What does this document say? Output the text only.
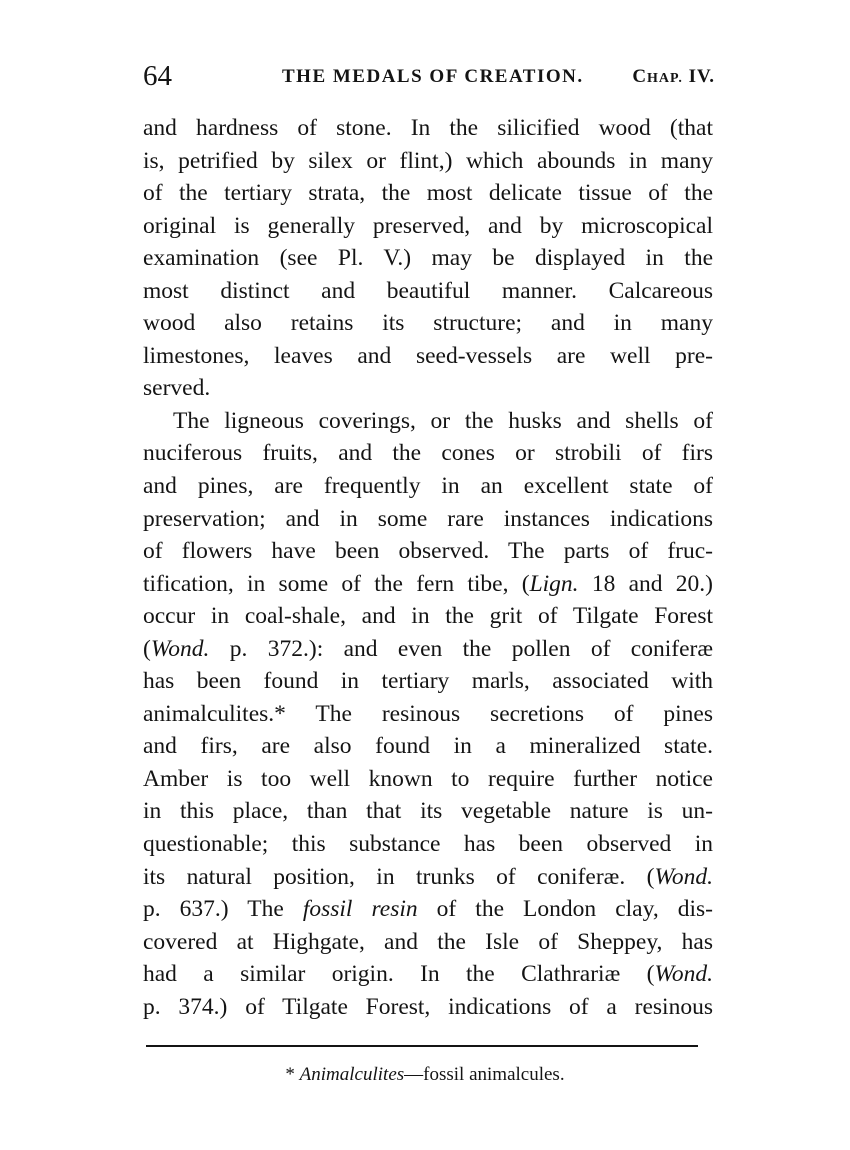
64	THE MEDALS OF CREATION.	CHAP. IV.
and hardness of stone. In the silicified wood (that
is, petrified by silex or flint,) which abounds in many
of the tertiary strata, the most delicate tissue of the
original is generally preserved, and by microscopical
examination (see Pl. V.) may be displayed in the
most distinct and beautiful manner. Calcareous
wood also retains its structure; and in many
limestones, leaves and seed-vessels are well pre-
served.
The ligneous coverings, or the husks and shells of
nuciferous fruits, and the cones or strobili of firs
and pines, are frequently in an excellent state of
preservation; and in some rare instances indications
of flowers have been observed. The parts of fruc-
tification, in some of the fern tibe, (Lign. 18 and 20.)
occur in coal-shale, and in the grit of Tilgate Forest
(Wond. p. 372.): and even the pollen of coniferæ
has been found in tertiary marls, associated with
animalculites.* The resinous secretions of pines
and firs, are also found in a mineralized state.
Amber is too well known to require further notice
in this place, than that its vegetable nature is un-
questionable; this substance has been observed in
its natural position, in trunks of coniferæ. (Wond.
p. 637.) The fossil resin of the London clay, dis-
covered at Highgate, and the Isle of Sheppey, has
had a similar origin. In the Clathrariæ (Wond.
p. 374.) of Tilgate Forest, indications of a resinous
* Animalculites—fossil animalcules.
